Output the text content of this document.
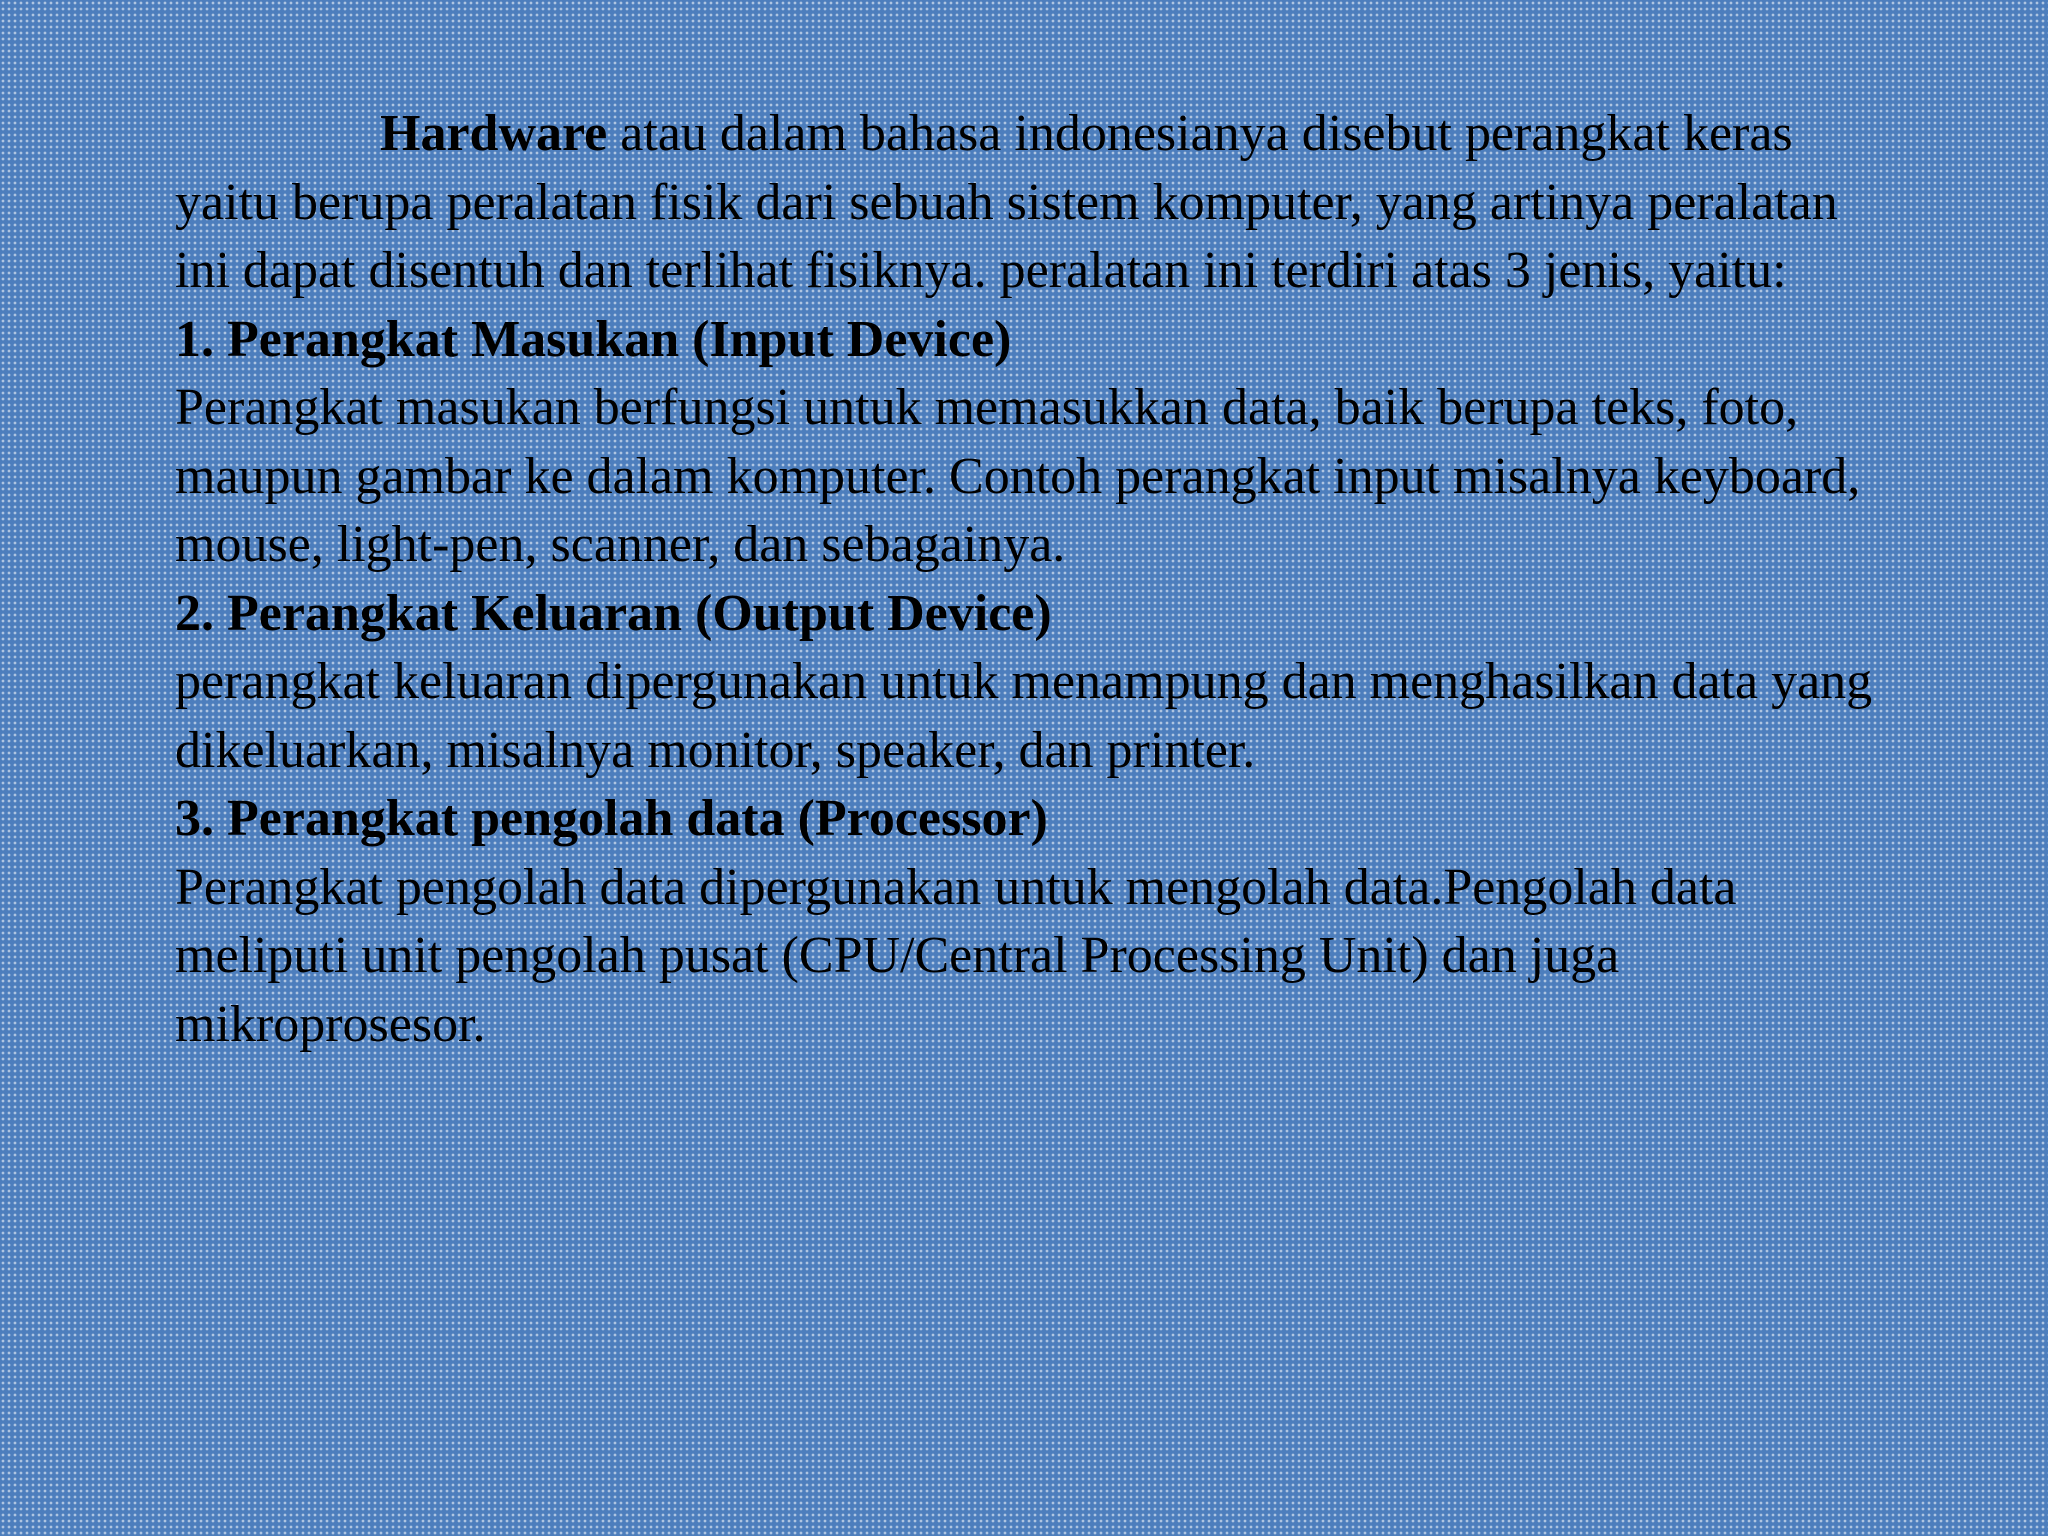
Hardware atau dalam bahasa indonesianya disebut perangkat keras yaitu berupa peralatan fisik dari sebuah sistem komputer, yang artinya peralatan ini dapat disentuh dan terlihat fisiknya. peralatan ini terdiri atas 3 jenis, yaitu:

1. Perangkat Masukan (Input Device)

Perangkat masukan berfungsi untuk memasukkan data, baik berupa teks, foto, maupun gambar ke dalam komputer. Contoh perangkat input misalnya keyboard, mouse, light-pen, scanner, dan sebagainya.

2. Perangkat Keluaran (Output Device)

perangkat keluaran dipergunakan untuk menampung dan menghasilkan data yang dikeluarkan, misalnya monitor, speaker, dan printer.

3. Perangkat pengolah data (Processor)

Perangkat pengolah data dipergunakan untuk mengolah data.Pengolah data meliputi unit pengolah pusat (CPU/Central Processing Unit) dan juga mikroprosesor.
